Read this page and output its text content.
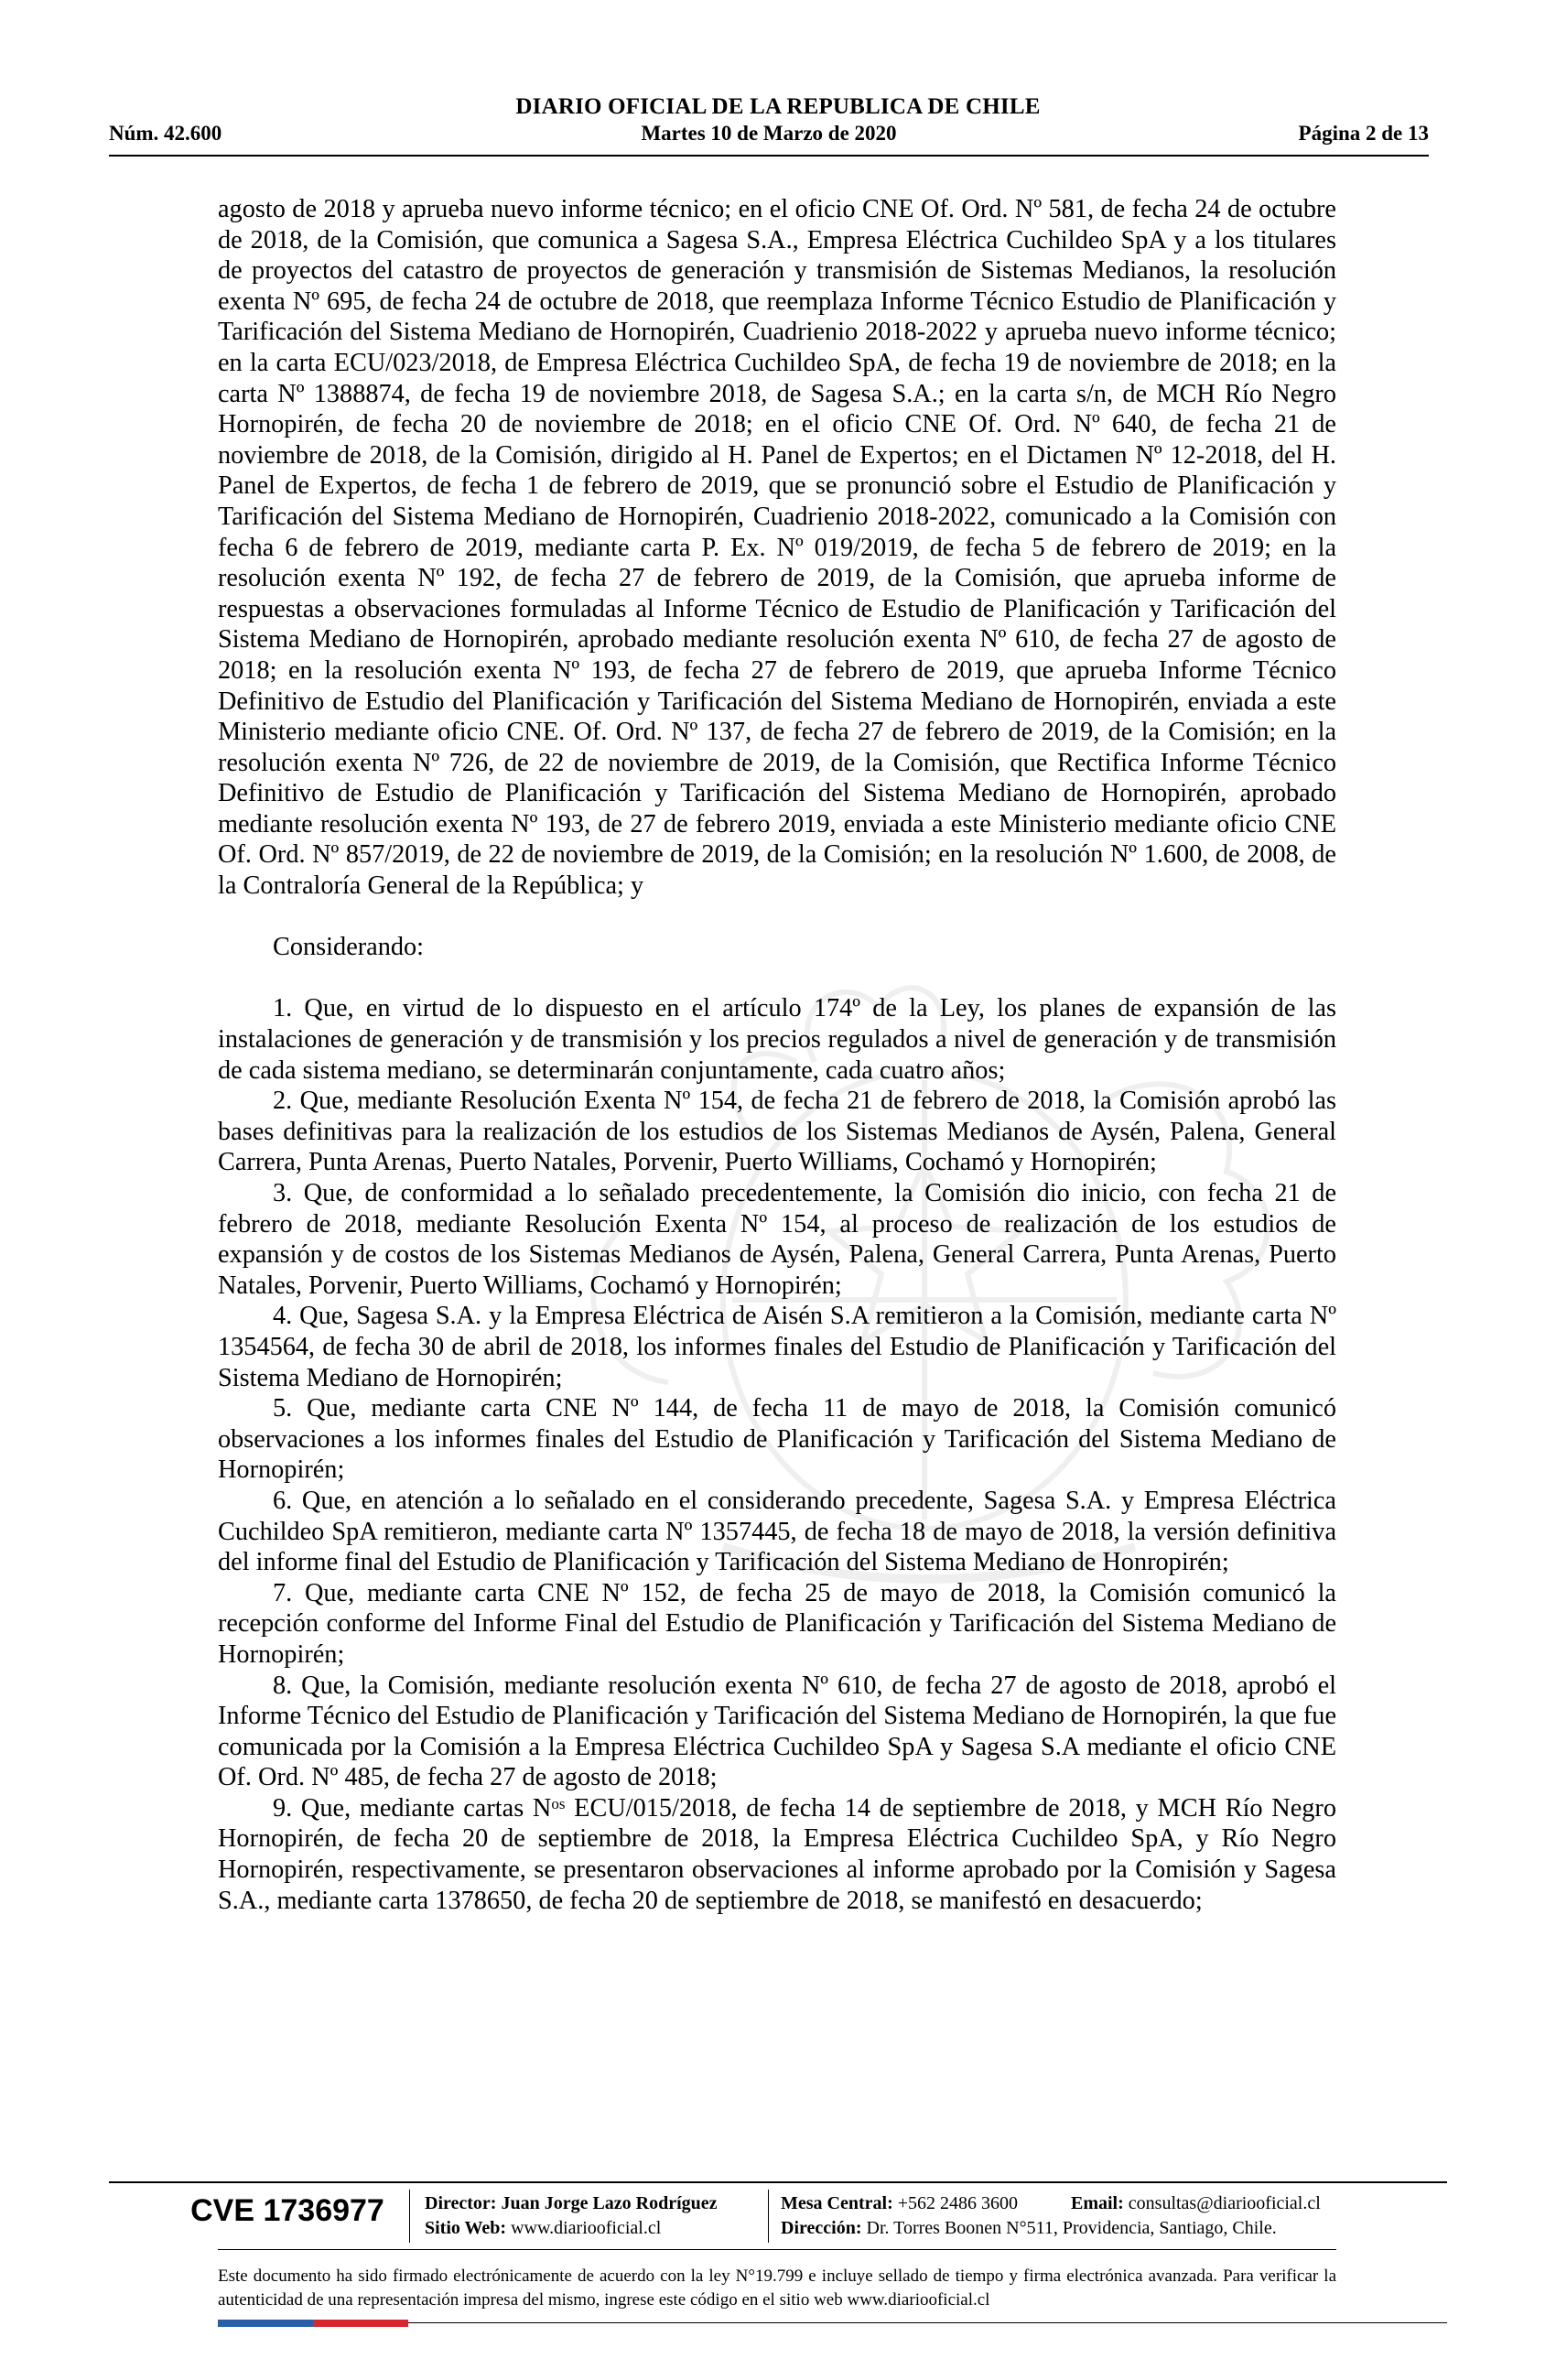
DIARIO OFICIAL DE LA REPUBLICA DE CHILE
Núm. 42.600	Martes 10 de Marzo de 2020	Página 2 de 13

agosto de 2018 y aprueba nuevo informe técnico; en el oficio CNE Of. Ord. Nº 581, de fecha 24 de octubre de 2018, de la Comisión, que comunica a Sagesa S.A., Empresa Eléctrica Cuchildeo SpA y a los titulares de proyectos del catastro de proyectos de generación y transmisión de Sistemas Medianos, la resolución exenta Nº 695, de fecha 24 de octubre de 2018, que reemplaza Informe Técnico Estudio de Planificación y Tarificación del Sistema Mediano de Hornopirén, Cuadrienio 2018-2022 y aprueba nuevo informe técnico; en la carta ECU/023/2018, de Empresa Eléctrica Cuchildeo SpA, de fecha 19 de noviembre de 2018; en la carta Nº 1388874, de fecha 19 de noviembre 2018, de Sagesa S.A.; en la carta s/n, de MCH Río Negro Hornopirén, de fecha 20 de noviembre de 2018; en el oficio CNE Of. Ord. Nº 640, de fecha 21 de noviembre de 2018, de la Comisión, dirigido al H. Panel de Expertos; en el Dictamen Nº 12-2018, del H. Panel de Expertos, de fecha 1 de febrero de 2019, que se pronunció sobre el Estudio de Planificación y Tarificación del Sistema Mediano de Hornopirén, Cuadrienio 2018-2022, comunicado a la Comisión con fecha 6 de febrero de 2019, mediante carta P. Ex. Nº 019/2019, de fecha 5 de febrero de 2019; en la resolución exenta Nº 192, de fecha 27 de febrero de 2019, de la Comisión, que aprueba informe de respuestas a observaciones formuladas al Informe Técnico de Estudio de Planificación y Tarificación del Sistema Mediano de Hornopirén, aprobado mediante resolución exenta Nº 610, de fecha 27 de agosto de 2018; en la resolución exenta Nº 193, de fecha 27 de febrero de 2019, que aprueba Informe Técnico Definitivo de Estudio del Planificación y Tarificación del Sistema Mediano de Hornopirén, enviada a este Ministerio mediante oficio CNE. Of. Ord. Nº 137, de fecha 27 de febrero de 2019, de la Comisión; en la resolución exenta Nº 726, de 22 de noviembre de 2019, de la Comisión, que Rectifica Informe Técnico Definitivo de Estudio de Planificación y Tarificación del Sistema Mediano de Hornopirén, aprobado mediante resolución exenta Nº 193, de 27 de febrero 2019, enviada a este Ministerio mediante oficio CNE Of. Ord. Nº 857/2019, de 22 de noviembre de 2019, de la Comisión; en la resolución Nº 1.600, de 2008, de la Contraloría General de la República; y

Considerando:

1. Que, en virtud de lo dispuesto en el artículo 174º de la Ley, los planes de expansión de las instalaciones de generación y de transmisión y los precios regulados a nivel de generación y de transmisión de cada sistema mediano, se determinarán conjuntamente, cada cuatro años;

2. Que, mediante Resolución Exenta Nº 154, de fecha 21 de febrero de 2018, la Comisión aprobó las bases definitivas para la realización de los estudios de los Sistemas Medianos de Aysén, Palena, General Carrera, Punta Arenas, Puerto Natales, Porvenir, Puerto Williams, Cochamó y Hornopirén;

3. Que, de conformidad a lo señalado precedentemente, la Comisión dio inicio, con fecha 21 de febrero de 2018, mediante Resolución Exenta Nº 154, al proceso de realización de los estudios de expansión y de costos de los Sistemas Medianos de Aysén, Palena, General Carrera, Punta Arenas, Puerto Natales, Porvenir, Puerto Williams, Cochamó y Hornopirén;

4. Que, Sagesa S.A. y la Empresa Eléctrica de Aisén S.A remitieron a la Comisión, mediante carta Nº 1354564, de fecha 30 de abril de 2018, los informes finales del Estudio de Planificación y Tarificación del Sistema Mediano de Hornopirén;

5. Que, mediante carta CNE Nº 144, de fecha 11 de mayo de 2018, la Comisión comunicó observaciones a los informes finales del Estudio de Planificación y Tarificación del Sistema Mediano de Hornopirén;

6. Que, en atención a lo señalado en el considerando precedente, Sagesa S.A. y Empresa Eléctrica Cuchildeo SpA remitieron, mediante carta Nº 1357445, de fecha 18 de mayo de 2018, la versión definitiva del informe final del Estudio de Planificación y Tarificación del Sistema Mediano de Honropirén;

7. Que, mediante carta CNE Nº 152, de fecha 25 de mayo de 2018, la Comisión comunicó la recepción conforme del Informe Final del Estudio de Planificación y Tarificación del Sistema Mediano de Hornopirén;

8. Que, la Comisión, mediante resolución exenta Nº 610, de fecha 27 de agosto de 2018, aprobó el Informe Técnico del Estudio de Planificación y Tarificación del Sistema Mediano de Hornopirén, la que fue comunicada por la Comisión a la Empresa Eléctrica Cuchildeo SpA y Sagesa S.A mediante el oficio CNE Of. Ord. Nº 485, de fecha 27 de agosto de 2018;

9. Que, mediante cartas $N^{os}$ ECU/015/2018, de fecha 14 de septiembre de 2018, y MCH Río Negro Hornopirén, de fecha 20 de septiembre de 2018, la Empresa Eléctrica Cuchildeo SpA, y Río Negro Hornopirén, respectivamente, se presentaron observaciones al informe aprobado por la Comisión y Sagesa S.A., mediante carta 1378650, de fecha 20 de septiembre de 2018, se manifestó en desacuerdo;

CVE 1736977	Director: Juan Jorge Lazo Rodríguez
Sitio Web: www.diariooficial.cl
Mesa Central: +562 2486 3600	Email: consultas@diariooficial.cl
Dirección: Dr. Torres Boonen N°511, Providencia, Santiago, Chile.
Este documento ha sido firmado electrónicamente de acuerdo con la ley N°19.799 e incluye sellado de tiempo y firma electrónica avanzada. Para verificar la autenticidad de una representación impresa del mismo, ingrese este código en el sitio web www.diariooficial.cl
